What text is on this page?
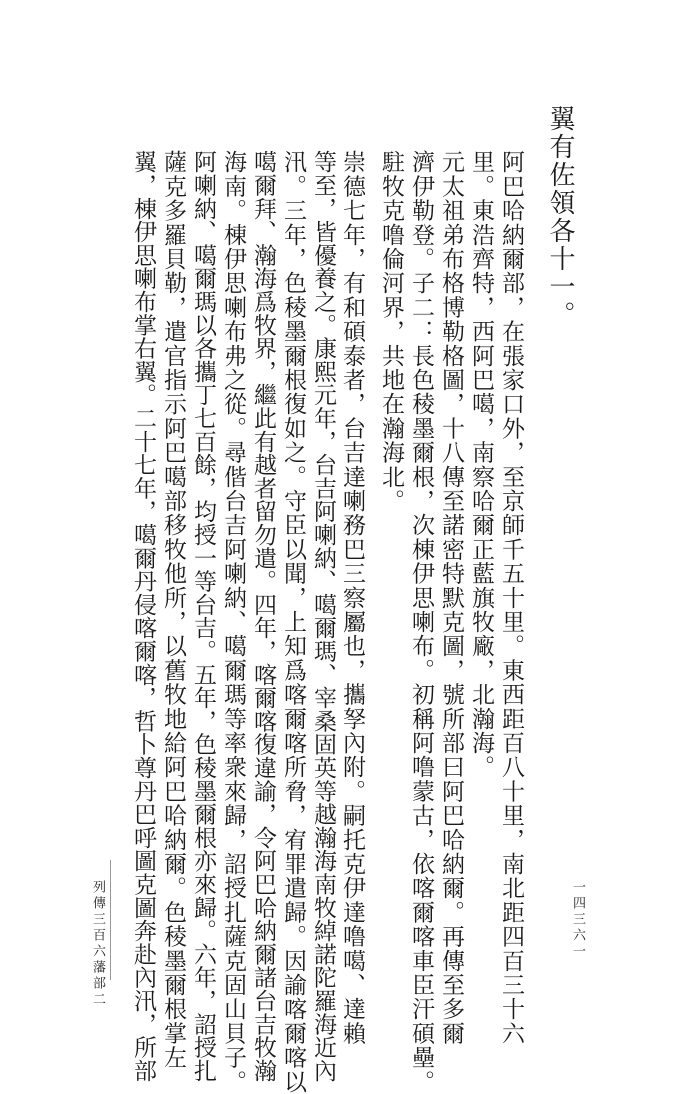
翼有佐領各十一。
阿巴哈納爾部，在張家口外，至京師千五十里。東西距百八十里，南北距四百三十六
里。東浩齊特，西阿巴噶，南察哈爾正藍旗牧廠，北瀚海。
元太祖弟布格博勒格圖，十八傳至諾密特默克圖，號所部曰阿巴哈納爾。再傳至多爾
濟伊勒登。子二：長色稜墨爾根，次棟伊思喇布。初稱阿噜蒙古，依喀爾喀車臣汗碩壘。
駐牧克噜倫河界，共地在瀚海北。
崇德七年，有和碩泰者，台吉達喇務巴三察屬也，攜孥內附。嗣托克伊達噜噶、達賴
等至，皆優養之。康熙元年，台吉阿喇納、噶爾瑪、宰桑固英等越瀚海南牧綽諾陀羅海近內
汛。三年，色稜墨爾根復如之。守臣以聞，上知爲喀爾喀所脅，宥罪遣歸。因諭喀爾喀以
噶爾拜、瀚海爲牧界，繼此有越者留勿遣。四年，喀爾喀復違諭，令阿巴哈納爾諸台吉牧瀚
海南。棟伊思喇布弗之從。尋偕台吉阿喇納、噶爾瑪等率衆來歸，詔授扎薩克固山貝子。
阿喇納、噶爾瑪以各攜丁七百餘，均授一等台吉。五年，色稜墨爾根亦來歸。六年，詔授扎
薩克多羅貝勒，遣官指示阿巴噶部移牧他所，以舊牧地給阿巴哈納爾。色稜墨爾根掌左
翼，棟伊思喇布掌右翼。二十七年，噶爾丹侵喀爾喀，哲卜尊丹巴呼圖克圖奔赴內汛，所部
列傳三百六
藩部二
一四三六一
